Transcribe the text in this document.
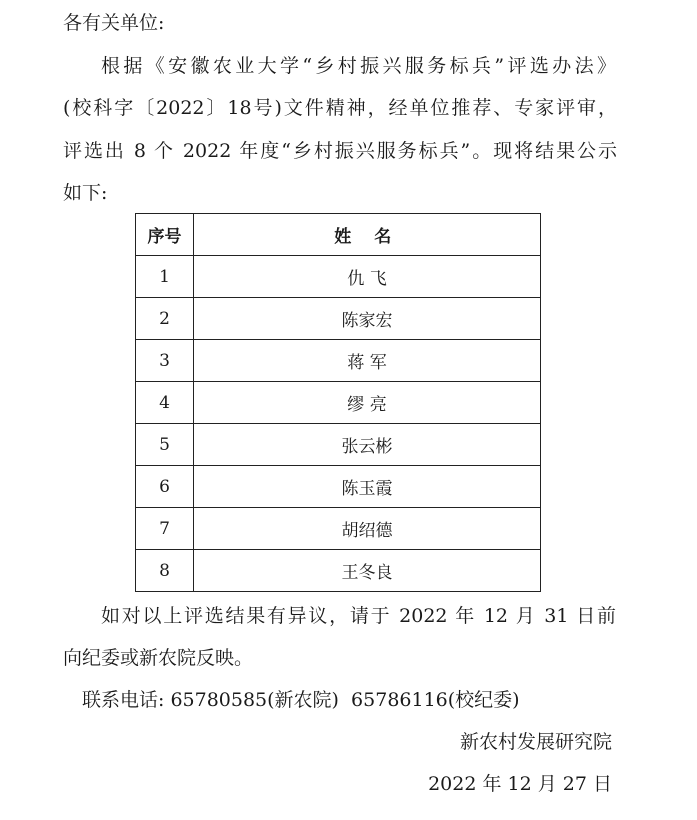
各有关单位:
根据《安徽农业大学“乡村振兴服务标兵”评选办法》
(校科字〔2022〕18号)文件精神，经单位推荐、专家评审，
评选出 8 个 2022 年度“乡村振兴服务标兵”。现将结果公示
如下:
序号	姓 名
1	仇 飞
2	陈家宏
3	蒋 军
4	缪 亮
5	张云彬
6	陈玉霞
7	胡绍德
8	王冬良
如对以上评选结果有异议，请于 2022 年 12 月 31 日前
向纪委或新农院反映。
联系电话: 65780585(新农院)  65786116(校纪委)
新农村发展研究院
2022 年 12 月 27 日
